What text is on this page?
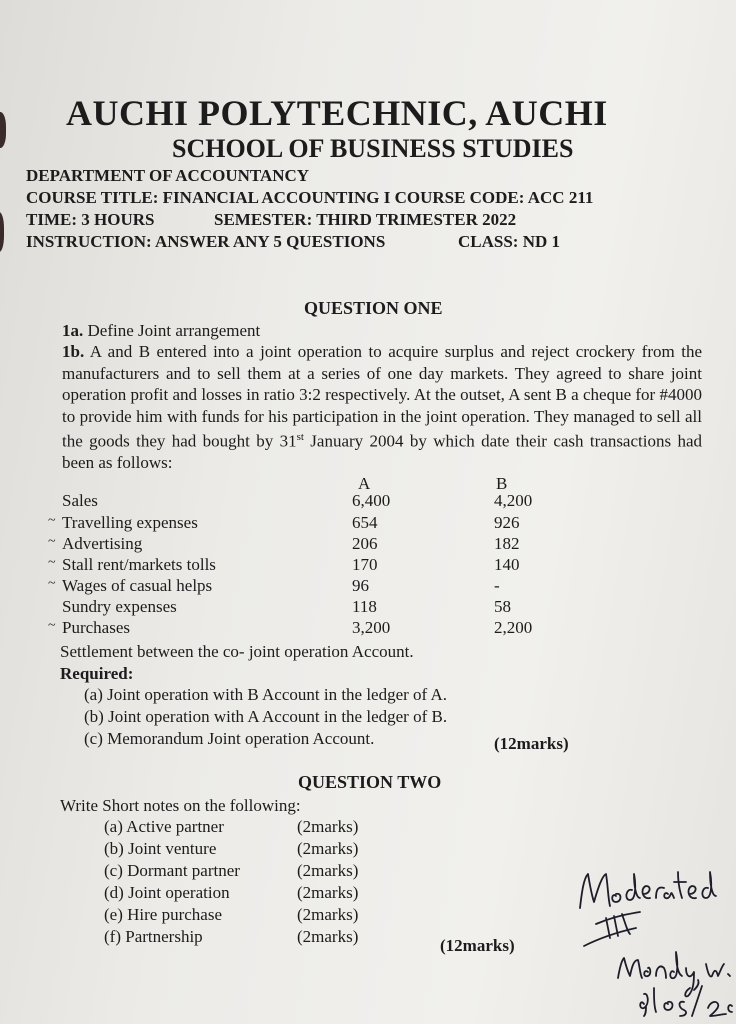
AUCHI POLYTECHNIC, AUCHI
SCHOOL OF BUSINESS STUDIES
DEPARTMENT OF ACCOUNTANCY
COURSE TITLE: FINANCIAL ACCOUNTING I COURSE CODE: ACC 211
TIME: 3 HOURS	SEMESTER: THIRD TRIMESTER 2022
INSTRUCTION: ANSWER ANY 5 QUESTIONS	CLASS: ND 1
QUESTION ONE
1a. Define Joint arrangement
1b. A and B entered into a joint operation to acquire surplus and reject crockery from the manufacturers and to sell them at a series of one day markets. They agreed to share joint operation profit and losses in ratio 3:2 respectively. At the outset, A sent B a cheque for #4000 to provide him with funds for his participation in the joint operation. They managed to sell all the goods they had bought by 31st January 2004 by which date their cash transactions had been as follows:
A	B
Sales	6,400	4,200
~ Travelling expenses	654	926
~ Advertising	206	182
~ Stall rent/markets tolls	170	140
~ Wages of casual helps	96	-
Sundry expenses	118	58
~ Purchases	3,200	2,200
Settlement between the co- joint operation Account.
Required:
(a) Joint operation with B Account in the ledger of A.
(b) Joint operation with A Account in the ledger of B.
(c) Memorandum Joint operation Account.	(12marks)
QUESTION TWO
Write Short notes on the following:
(a) Active partner	(2marks)
(b) Joint venture	(2marks)
(c) Dormant partner	(2marks)
(d) Joint operation	(2marks)
(e) Hire purchase	(2marks)
(f) Partnership	(2marks)	(12marks)
